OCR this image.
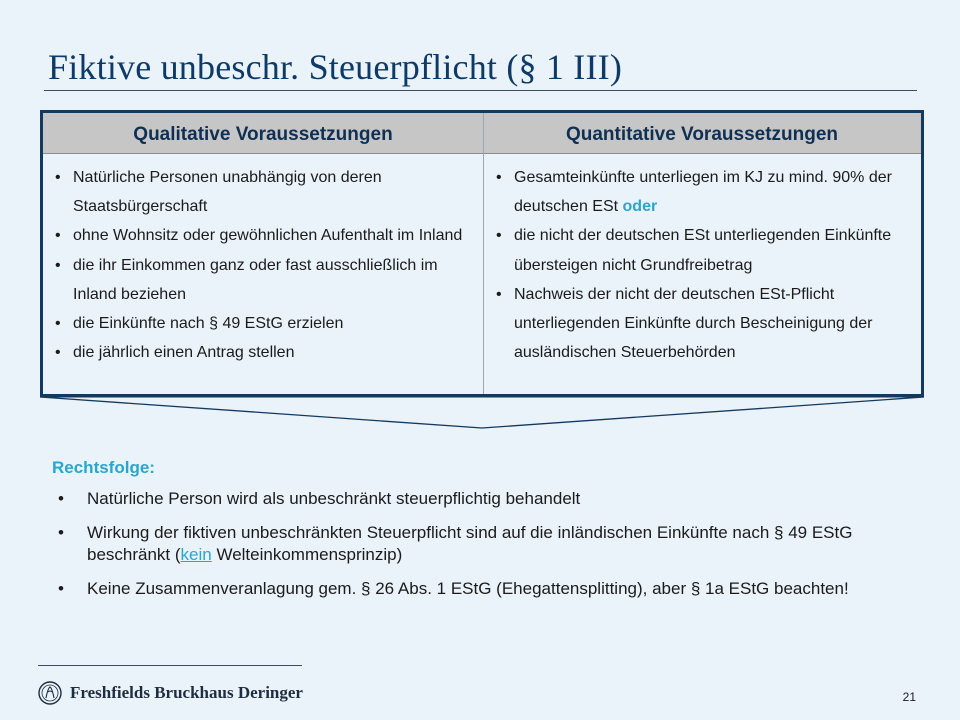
Fiktive unbeschr. Steuerpflicht (§ 1 III)
Qualitative Voraussetzungen	Quantitative Voraussetzungen
• Natürliche Personen unabhängig von deren Staatsbürgerschaft
• ohne Wohnsitz oder gewöhnlichen Aufenthalt im Inland
• die ihr Einkommen ganz oder fast ausschließlich im Inland beziehen
• die Einkünfte nach § 49 EStG erzielen
• die jährlich einen Antrag stellen
• Gesamteinkünfte unterliegen im KJ zu mind. 90% der deutschen ESt oder
• die nicht der deutschen ESt unterliegenden Einkünfte übersteigen nicht Grundfreibetrag
• Nachweis der nicht der deutschen ESt-Pflicht unterliegenden Einkünfte durch Bescheinigung der ausländischen Steuerbehörden
Rechtsfolge:
• Natürliche Person wird als unbeschränkt steuerpflichtig behandelt
• Wirkung der fiktiven unbeschränkten Steuerpflicht sind auf die inländischen Einkünfte nach § 49 EStG beschränkt (kein Welteinkommensprinzip)
• Keine Zusammenveranlagung gem. § 26 Abs. 1 EStG (Ehegattensplitting), aber § 1a EStG beachten!
Freshfields Bruckhaus Deringer	21
